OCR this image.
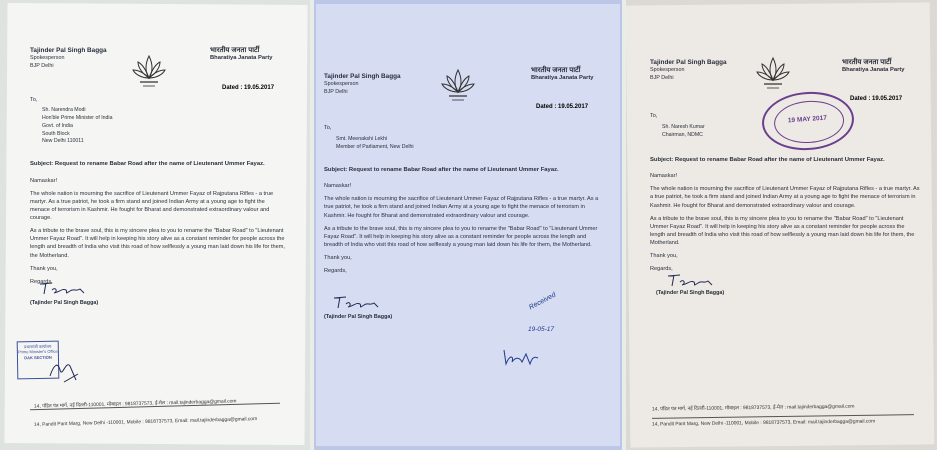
Tajinder Pal Singh Bagga
Spokesperson
BJP Delhi
भारतीय जनता पार्टी
Bharatiya Janata Party
Dated : 19.05.2017
To,
Sh. Narendra Modi
Hon'ble Prime Minister of India
Govt. of India
South Block
New Delhi 110011

Subject: Request to rename Babar Road after the name of Lieutenant Ummer Fayaz.

Namaskar!

The whole nation is mourning the sacrifice of Lieutenant Ummer Fayaz of Rajputana Rifles - a true martyr. As a true patriot, he took a firm stand and joined Indian Army at a young age to fight the menace of terrorism in Kashmir. He fought for Bharat and demonstrated extraordinary valour and courage.

As a tribute to the brave soul, this is my sincere plea to you to rename the "Babar Road" to "Lieutenant Ummer Fayaz Road". It will help in keeping his story alive as a constant reminder for people across the length and breadth of India who visit this road of how selflessly a young man laid down his life for them, the Motherland.

Thank you,

Regards,

(Tajinder Pal Singh Bagga)
प्रधानमंत्री कार्यालय
Prime Minister's Office
DAK SECTION
14, पंडित पंत मार्ग, नई दिल्ली-110001, मोबाइल : 9818737573, ई-मेल : mail.tajinderbagga@gmail.com
14, Pandit Pant Marg, New Delhi -110001, Mobile : 9818737573, Email: mail.tajinderbagga@gmail.com
Tajinder Pal Singh Bagga
Spokesperson
BJP Delhi
भारतीय जनता पार्टी
Bharatiya Janata Party
Dated : 19.05.2017
To,
Smt. Meenakshi Lekhi
Member of Parliament, New Delhi

Subject: Request to rename Babar Road after the name of Lieutenant Ummer Fayaz.

Namaskar!

The whole nation is mourning the sacrifice of Lieutenant Ummer Fayaz of Rajputana Rifles - a true martyr. As a true patriot, he took a firm stand and joined Indian Army at a young age to fight the menace of terrorism in Kashmir. He fought for Bharat and demonstrated extraordinary valour and courage.

As a tribute to the brave soul, this is my sincere plea to you to rename the "Babar Road" to "Lieutenant Ummer Fayaz Road". It will help in keeping his story alive as a constant reminder for people across the length and breadth of India who visit this road of how selflessly a young man laid down his life for them, the Motherland.

Thank you,

Regards,

(Tajinder Pal Singh Bagga)
Received
19-05-17
Tajinder Pal Singh Bagga
Spokesperson
BJP Delhi
भारतीय जनता पार्टी
Bharatiya Janata Party
Dated : 19.05.2017
19 MAY 2017
To,
Sh. Naresh Kumar
Chairman, NDMC

Subject: Request to rename Babar Road after the name of Lieutenant Ummer Fayaz.

Namaskar!

The whole nation is mourning the sacrifice of Lieutenant Ummer Fayaz of Rajputana Rifles - a true martyr. As a true patriot, he took a firm stand and joined Indian Army at a young age to fight the menace of terrorism in Kashmir. He fought for Bharat and demonstrated extraordinary valour and courage.

As a tribute to the brave soul, this is my sincere plea to you to rename the "Babar Road" to "Lieutenant Ummer Fayaz Road". It will help in keeping his story alive as a constant reminder for people across the length and breadth of India who visit this road of how selflessly a young man laid down his life for them, the Motherland.

Thank you,

Regards,

(Tajinder Pal Singh Bagga)
14, पंडित पंत मार्ग, नई दिल्ली-110001, मोबाइल : 9818737573, ई-मेल : mail.tajinderbagga@gmail.com
14, Pandit Pant Marg, New Delhi -110001, Mobile : 9818737573, Email: mail.tajinderbagga@gmail.com
